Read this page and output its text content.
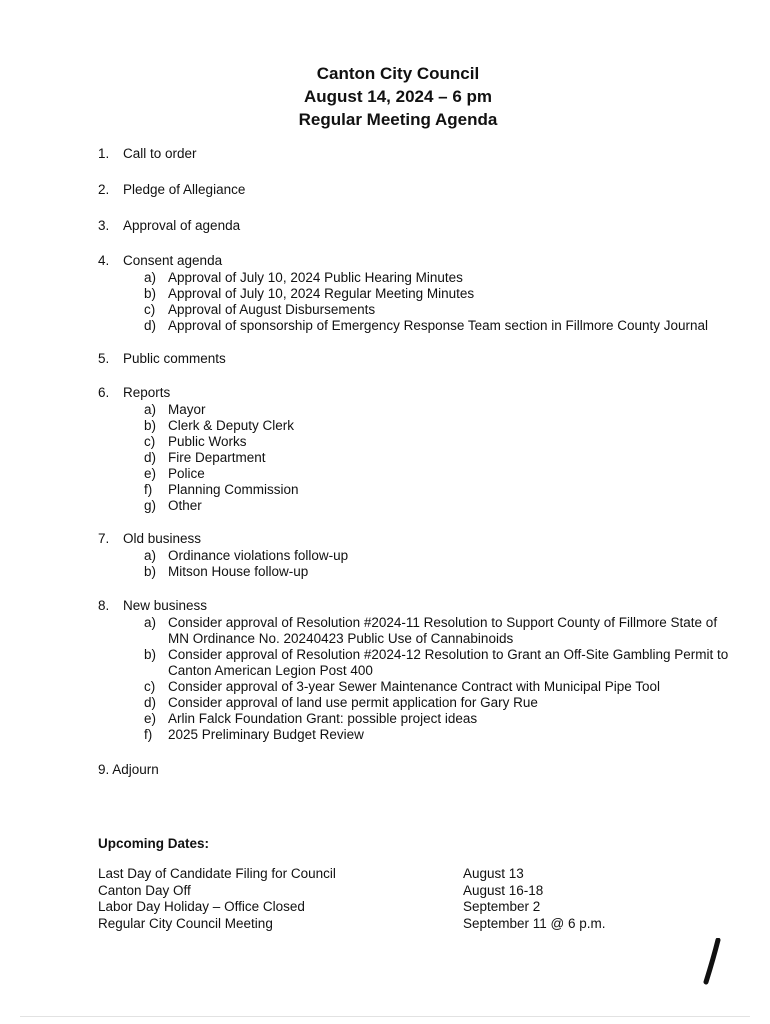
Canton City Council
August 14, 2024 – 6 pm
Regular Meeting Agenda
1. Call to order
2. Pledge of Allegiance
3. Approval of agenda
4. Consent agenda
a) Approval of July 10, 2024 Public Hearing Minutes
b) Approval of July 10, 2024 Regular Meeting Minutes
c) Approval of August Disbursements
d) Approval of sponsorship of Emergency Response Team section in Fillmore County Journal
5. Public comments
6. Reports
a) Mayor
b) Clerk & Deputy Clerk
c) Public Works
d) Fire Department
e) Police
f) Planning Commission
g) Other
7. Old business
a) Ordinance violations follow-up
b) Mitson House follow-up
8. New business
a) Consider approval of Resolution #2024-11 Resolution to Support County of Fillmore State of MN Ordinance No. 20240423 Public Use of Cannabinoids
b) Consider approval of Resolution #2024-12 Resolution to Grant an Off-Site Gambling Permit to Canton American Legion Post 400
c) Consider approval of 3-year Sewer Maintenance Contract with Municipal Pipe Tool
d) Consider approval of land use permit application for Gary Rue
e) Arlin Falck Foundation Grant: possible project ideas
f) 2025 Preliminary Budget Review
9. Adjourn
Upcoming Dates:
Last Day of Candidate Filing for Council	August 13
Canton Day Off	August 16-18
Labor Day Holiday – Office Closed	September 2
Regular City Council Meeting	September 11 @ 6 p.m.
